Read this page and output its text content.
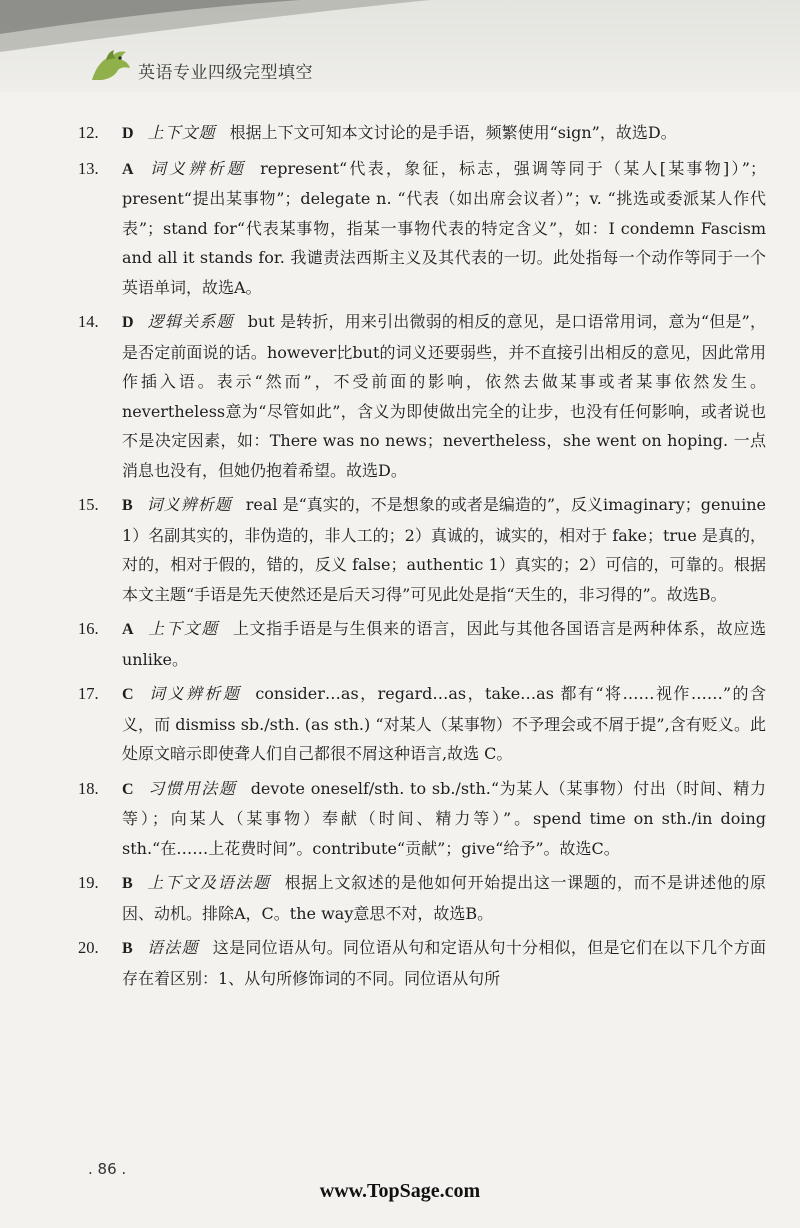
英语专业四级完型填空
12.	D 上下文题 根据上下文可知本文讨论的是手语，频繁使用“sign”，故选D。
13.	A 词义辨析题 represent“代表，象征，标志，强调等同于（某人[某事物]）”；present“提出某事物”；delegate n. “代表（如出席会议者）”；v. “挑选或委派某人作代表”；stand for“代表某事物，指某一事物代表的特定含义”，如：I condemn Fascism and all it stands for. 我谴责法西斯主义及其代表的一切。此处指每一个动作等同于一个英语单词，故选A。
14.	D 逻辑关系题 but 是转折，用来引出微弱的相反的意见，是口语常用词，意为“但是”，是否定前面说的话。however比but的词义还要弱些，并不直接引出相反的意见，因此常用作插入语。表示“然而”，不受前面的影响，依然去做某事或者某事依然发生。nevertheless意为“尽管如此”，含义为即使做出完全的让步，也没有任何影响，或者说也不是决定因素，如：There was no news；nevertheless，she went on hoping. 一点消息也没有，但她仍抱着希望。故选D。
15.	B 词义辨析题 real 是“真实的，不是想象的或者是编造的”，反义imaginary；genuine 1）名副其实的，非伪造的，非人工的；2）真诚的，诚实的，相对于 fake；true 是真的，对的，相对于假的，错的，反义 false；authentic 1）真实的；2）可信的，可靠的。根据本文主题“手语是先天使然还是后天习得”可见此处是指“天生的，非习得的”。故选B。
16.	A 上下文题 上文指手语是与生俱来的语言，因此与其他各国语言是两种体系，故应选unlike。
17.	C 词义辨析题 consider…as，regard…as，take…as 都有“将……视作……”的含义，而 dismiss sb./sth. (as sth.) “对某人（某事物）不予理会或不屑于提”,含有贬义。此处原文暗示即使聋人们自己都很不屑这种语言,故选 C。
18.	C 习惯用法题 devote oneself/sth. to sb./sth.“为某人（某事物）付出（时间、精力等）；向某人（某事物）奉献（时间、精力等）”。spend time on sth./in doing sth.“在……上花费时间”。contribute“贡献”；give“给予”。故选C。
19.	B 上下文及语法题 根据上文叙述的是他如何开始提出这一课题的，而不是讲述他的原因、动机。排除A，C。the way意思不对，故选B。
20.	B 语法题 这是同位语从句。同位语从句和定语从句十分相似，但是它们在以下几个方面存在着区别：1、从句所修饰词的不同。同位语从句所
. 86 .
www.TopSage.com
